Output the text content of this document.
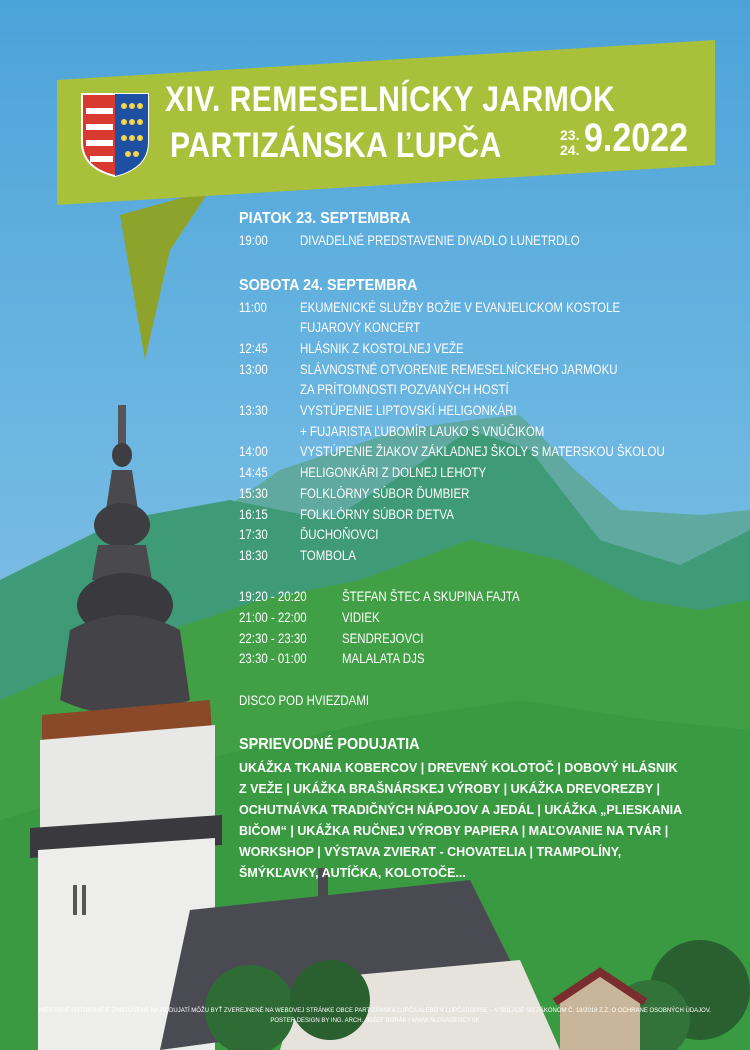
XIV. REMESELNÍCKY JARMOK
PARTIZÁNSKA ĽUPČA	23.
24. 9.2022
PIATOK 23. SEPTEMBRA
19:00 DIVADELNÉ PREDSTAVENIE DIVADLO LUNETRDLO
SOBOTA 24. SEPTEMBRA
11:00 EKUMENICKÉ SLUŽBY BOŽIE V EVANJELICKOM KOSTOLE
FUJAROVÝ KONCERT
12:45 HLÁSNIK Z KOSTOLNEJ VEŽE
13:00 SLÁVNOSTNÉ OTVORENIE REMESELNÍCKEHO JARMOKU
ZA PRÍTOMNOSTI POZVANÝCH HOSTÍ
13:30 VYSTÚPENIE LIPTOVSKÍ HELIGONKÁRI
+ FUJARISTA ĽUBOMÍR LAUKO S VNÚČIKOM
14:00 VYSTÚPENIE ŽIAKOV ZÁKLADNEJ ŠKOLY S MATERSKOU ŠKOLOU
14:45 HELIGONKÁRI Z DOLNEJ LEHOTY
15:30 FOLKLÓRNY SÚBOR ĎUMBIER
16:15 FOLKLÓRNY SÚBOR DETVA
17:30 ĎUCHOŇOVCI
18:30 TOMBOLA
19:20 - 20:20	ŠTEFAN ŠTEC A SKUPINA FAJTA
21:00 - 22:00	VIDIEK
22:30 - 23:30	SENDREJOVCI
23:30 - 01:00	MALALATA DJS
DISCO POD HVIEZDAMI
SPRIEVODNÉ PODUJATIA
UKÁŽKA TKANIA KOBERCOV | DREVENÝ KOLOTOČ | DOBOVÝ HLÁSNIK Z VEŽE | UKÁŽKA BRAŠNÁRSKEJ VÝROBY | UKÁŽKA DREVOREZBY | OCHUTNÁVKA TRADIČNÝCH NÁPOJOV A JEDÁL | UKÁŽKA „PLIESKANIA BIČOM“ | UKÁŽKA RUČNEJ VÝROBY PAPIERA | MAĽOVANIE NA TVÁR | WORKSHOP | VÝSTAVA ZVIERAT - CHOVATELIA | TRAMPOLÍNY, ŠMÝKĽAVKY, AUTÍČKA, KOLOTOČE...
NIEKTORÉ FOTOGRAFIE ZHOTOVENÉ NA PODUJATÍ MÔŽU BYŤ ZVEREJNENÉ NA WEBOVEJ STRÁNKE OBCE PARTIZÁNSKA ĽUPČA ALEBO V ĽUPČASOPISE – V SÚLADE SO ZÁKONOM Č. 18/2018 Z.Z. O OCHRANE OSOBNÝCH ÚDAJOV.
POSTER DESIGN BY ING. ARCH. JOZEF BORÁK | WWW.SLOVAGENCY.SK
